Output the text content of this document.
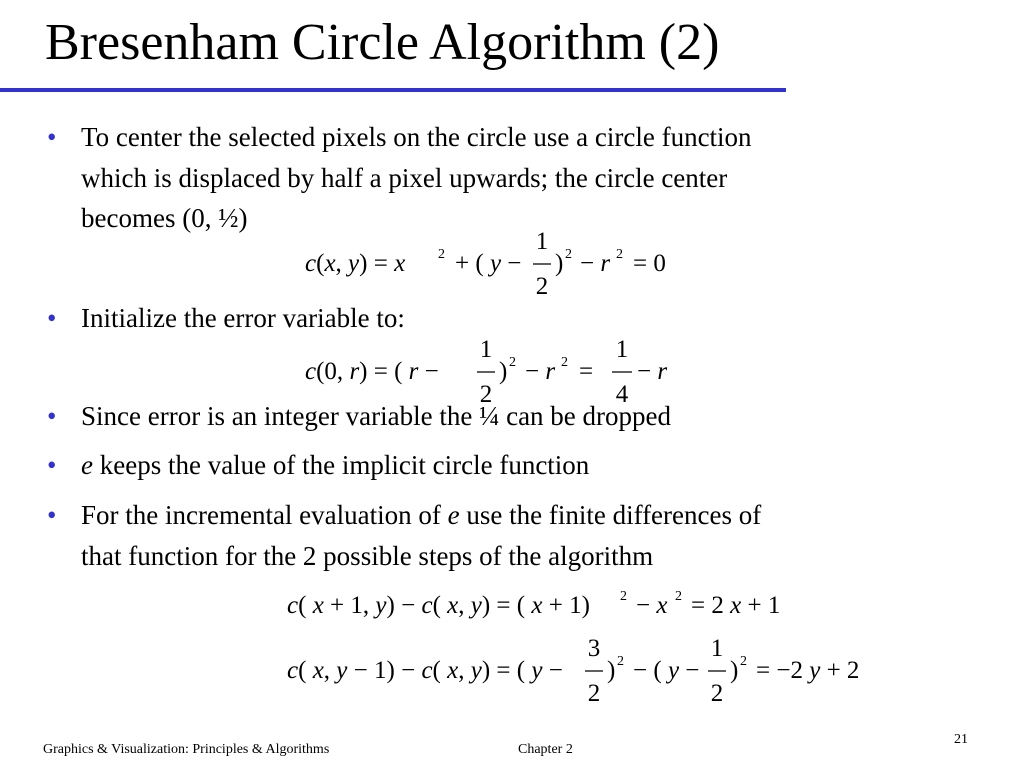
Bresenham Circle Algorithm (2)
• To center the selected pixels on the circle use a circle function
which is displaced by half a pixel upwards; the circle center
becomes (0, ½)
c(x, y) = x 2 + ( y −
1
2
) 2 − r 2 = 0
• Initialize the error variable to:
c(0, r) = ( r −
1
2
) 2 − r 2 =
1
4
− r
• Since error is an integer variable the ¼ can be dropped
• e keeps the value of the implicit circle function
• For the incremental evaluation of e use the finite differences of
that function for the 2 possible steps of the algorithm
c( x + 1, y) − c( x, y) = ( x + 1) 2 − x 2 = 2 x + 1
c( x, y − 1) − c( x, y) = ( y −
3
2
) 2 − ( y −
1
2
) 2 = −2 y + 2
Graphics & Visualization: Principles & Algorithms	Chapter 2
21
